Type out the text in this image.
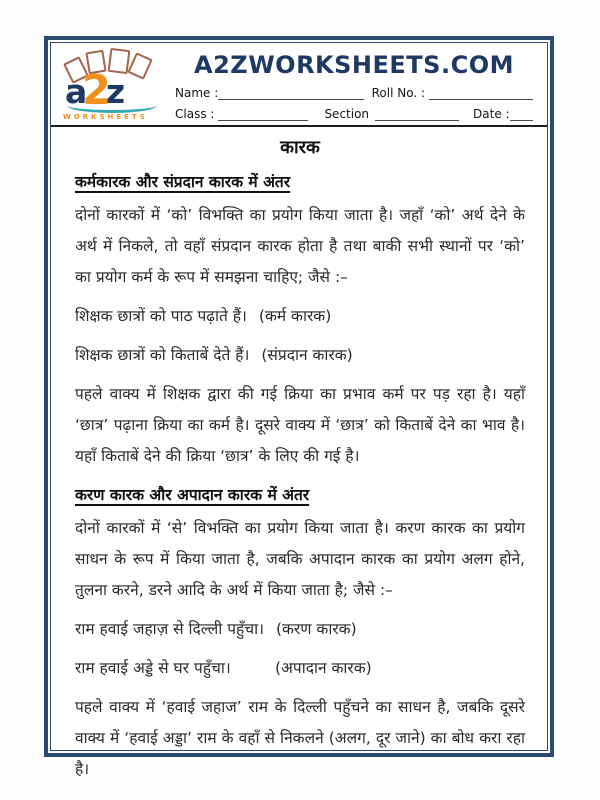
a
2
z
WORKSHEETS
A2ZWORKSHEETS.COM
Name :	Roll No. :
Class :	Section	Date :
कारक
कर्मकारक और संप्रदान कारक में अंतर

दोनों कारकों में ‘को’ विभक्ति का प्रयोग किया जाता है। जहाँ ‘को’ अर्थ देने के अर्थ में निकले, तो वहाँ संप्रदान कारक होता है तथा बाकी सभी स्थानों पर ‘को’ का प्रयोग कर्म के रूप में समझना चाहिए; जैसे :–

शिक्षक छात्रों को पाठ पढ़ाते हैं। (कर्म कारक)
शिक्षक छात्रों को किताबें देते हैं। (संप्रदान कारक)

पहले वाक्य में शिक्षक द्वारा की गई क्रिया का प्रभाव कर्म पर पड़ रहा है। यहाँ ‘छात्र’ पढ़ाना क्रिया का कर्म है। दूसरे वाक्य में ‘छात्र’ को किताबें देने का भाव है। यहाँ किताबें देने की क्रिया ‘छात्र’ के लिए की गई है।

करण कारक और अपादान कारक में अंतर

दोनों कारकों में ‘से’ विभक्ति का प्रयोग किया जाता है। करण कारक का प्रयोग साधन के रूप में किया जाता है, जबकि अपादान कारक का प्रयोग अलग होने, तुलना करने, डरने आदि के अर्थ में किया जाता है; जैसे :–

राम हवाई जहाज़ से दिल्ली पहुँचा। (करण कारक)
राम हवाई अड्डे से घर पहुँचा।	(अपादान कारक)

पहले वाक्य में ‘हवाई जहाज’ राम के दिल्ली पहुँचने का साधन है, जबकि दूसरे वाक्य में ‘हवाई अड्डा’ राम के वहाँ से निकलने (अलग, दूर जाने) का बोध करा रहा है।
